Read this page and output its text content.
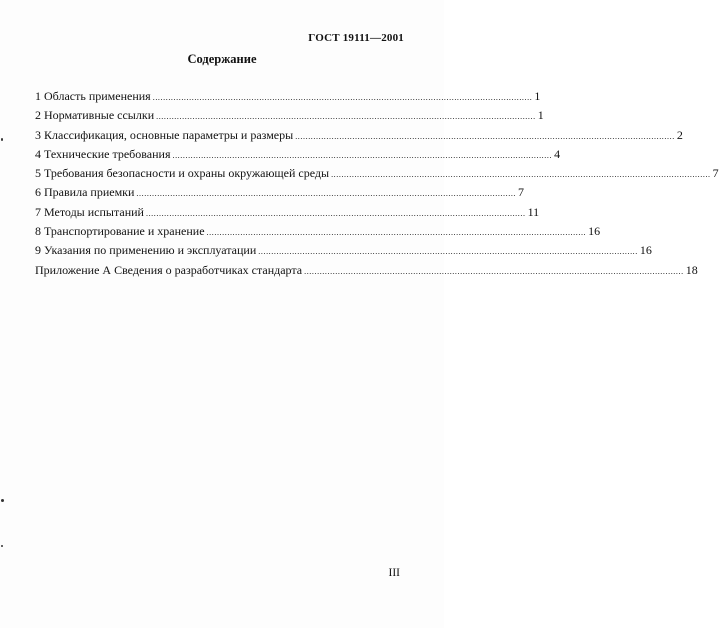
ГОСТ 19111—2001
Содержание
1 Область применения .................................................................................................................................................. 1
2 Нормативные ссылки .................................................................................................................................................. 1
3 Классификация, основные параметры и размеры .................................................................................................................................................. 2
4 Технические требования .................................................................................................................................................. 4
5 Требования безопасности и охраны окружающей среды .................................................................................................................................................. 7
6 Правила приемки .................................................................................................................................................. 7
7 Методы испытаний .................................................................................................................................................. 11
8 Транспортирование и хранение .................................................................................................................................................. 16
9 Указания по применению и эксплуатации .................................................................................................................................................. 16
Приложение А Сведения о разработчиках стандарта .................................................................................................................................................. 18
III
